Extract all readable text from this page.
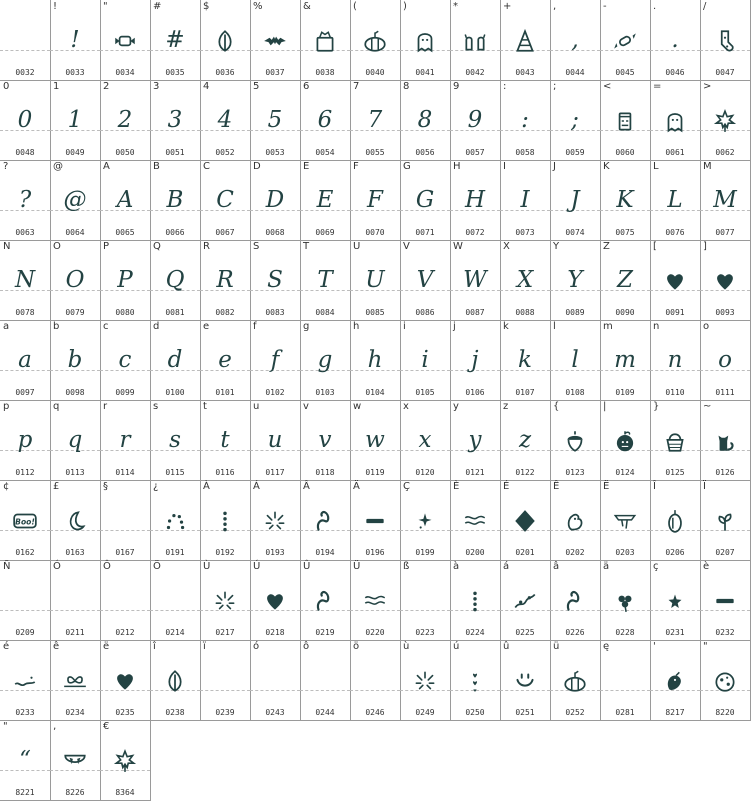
0032
!
!
0033
"
0034
#
#
0035
$
0036
%
0037
&
0038
(
0040
)
0041
*
0042
+
0043
,
,
0044
-
0045
.
.
0046
/
0047
0
0
0048
1
1
0049
2
2
0050
3
3
0051
4
4
0052
5
5
0053
6
6
0054
7
7
0055
8
8
0056
9
9
0057
:
:
0058
;
;
0059
<
0060
=
0061
>
0062
?
?
0063
@
@
0064
A
A
0065
B
B
0066
C
C
0067
D
D
0068
E
E
0069
F
F
0070
G
G
0071
H
H
0072
I
I
0073
J
J
0074
K
K
0075
L
L
0076
M
M
0077
N
N
0078
O
O
0079
P
P
0080
Q
Q
0081
R
R
0082
S
S
0083
T
T
0084
U
U
0085
V
V
0086
W
W
0087
X
X
0088
Y
Y
0089
Z
Z
0090
[
0091
]
0093
a
a
0097
b
b
0098
c
c
0099
d
d
0100
e
e
0101
f
f
0102
g
g
0103
h
h
0104
i
i
0105
j
j
0106
k
k
0107
l
l
0108
m
m
0109
n
n
0110
o
o
0111
p
p
0112
q
q
0113
r
r
0114
s
s
0115
t
t
0116
u
u
0117
v
v
0118
w
w
0119
x
x
0120
y
y
0121
z
z
0122
{
0123
|
0124
}
0125
~
0126
¢
Boo!
0162
£
0163
§
0167
¿
0191
À
0192
Á
0193
Â
0194
Ä
0196
Ç
0199
È
0200
É
0201
Ê
0202
Ë
0203
Î
0206
Ï
0207
Ñ
0209
Ó
0211
Ô
0212
Ö
0214
Ù
0217
Ú
0218
Û
0219
Ü
0220
ß
0223
à
0224
á
0225
â
0226
ä
0228
ç
0231
è
0232
é
0233
ê
0234
ë
0235
î
0238
ï
0239
ó
0243
ô
0244
ö
0246
ù
0249
ú
0250
û
0251
ü
0252
ę
0281
'
8217
"
8220
"
“
8221
‚
8226
€
8364
